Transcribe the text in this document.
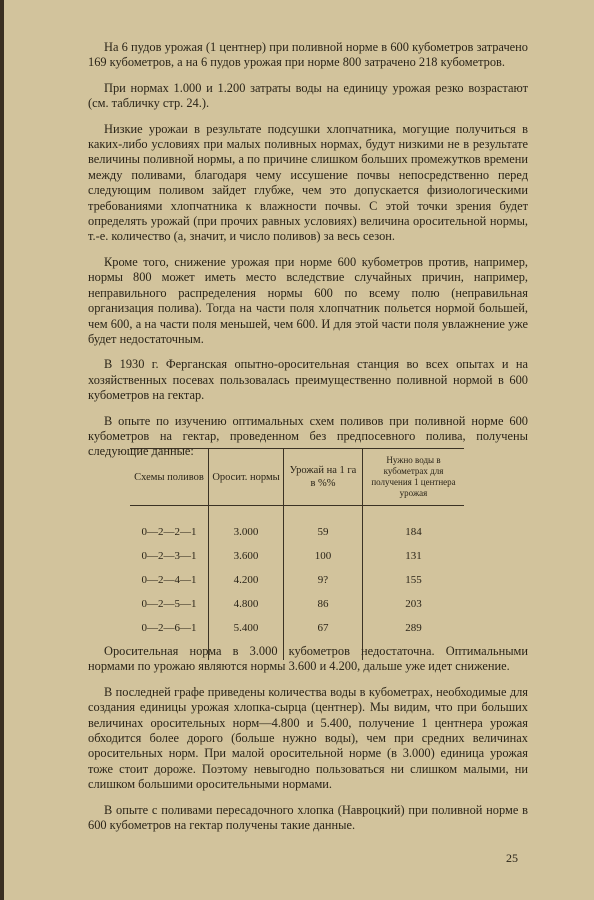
На 6 пудов урожая (1 центнер) при поливной норме в 600 кубометров затрачено 169 кубометров, а на 6 пудов урожая при норме 800 затрачено 218 кубометров.

При нормах 1.000 и 1.200 затраты воды на единицу урожая резко возрастают (см. табличку стр. 24.).

Низкие урожаи в результате подсушки хлопчатника, могущие получиться в каких-либо условиях при малых поливных нормах, будут низкими не в результате величины поливной нормы, а по причине слишком больших промежутков времени между поливами, благодаря чему иссушение почвы непосредственно перед следующим поливом зайдет глубже, чем это допускается физиологическими требованиями хлопчатника к влажности почвы. С этой точки зрения будет определять урожай (при прочих равных условиях) величина оросительной нормы, т.-е. количество (а, значит, и число поливов) за весь сезон.

Кроме того, снижение урожая при норме 600 кубометров против, например, нормы 800 может иметь место вследствие случайных причин, например, неправильного распределения нормы 600 по всему полю (неправильная организация полива). Тогда на части поля хлопчатник польется нормой большей, чем 600, а на части поля меньшей, чем 600. И для этой части поля увлажнение уже будет недостаточным.

В 1930 г. Ферганская опытно-оросительная станция во всех опытах и на хозяйственных посевах пользовалась преимущественно поливной нормой в 600 кубометров на гектар.

В опыте по изучению оптимальных схем поливов при поливной норме 600 кубометров на гектар, проведенном без предпосевного полива, получены следующие данные:

Схемы поливов	Оросит. нормы	Урожай на 1 га в %%	Нужно воды в кубометрах для получения 1 центнера урожая
0—2—2—1	3.000	59	184
0—2—3—1	3.600	100	131
0—2—4—1	4.200	9?	155
0—2—5—1	4.800	86	203
0—2—6—1	5.400	67	289

Оросительная норма в 3.000 кубометров недостаточна. Оптимальными нормами по урожаю являются нормы 3.600 и 4.200, дальше уже идет снижение.

В последней графе приведены количества воды в кубометрах, необходимые для создания единицы урожая хлопка-сырца (центнер). Мы видим, что при больших величинах оросительных норм—4.800 и 5.400, получение 1 центнера урожая обходится более дорого (больше нужно воды), чем при средних величинах оросительных норм. При малой оросительной норме (в 3.000) единица урожая тоже стоит дороже. Поэтому невыгодно пользоваться ни слишком малыми, ни слишком большими оросительными нормами.

В опыте с поливами пересадочного хлопка (Навроцкий) при поливной норме в 600 кубометров на гектар получены такие данные.

25
